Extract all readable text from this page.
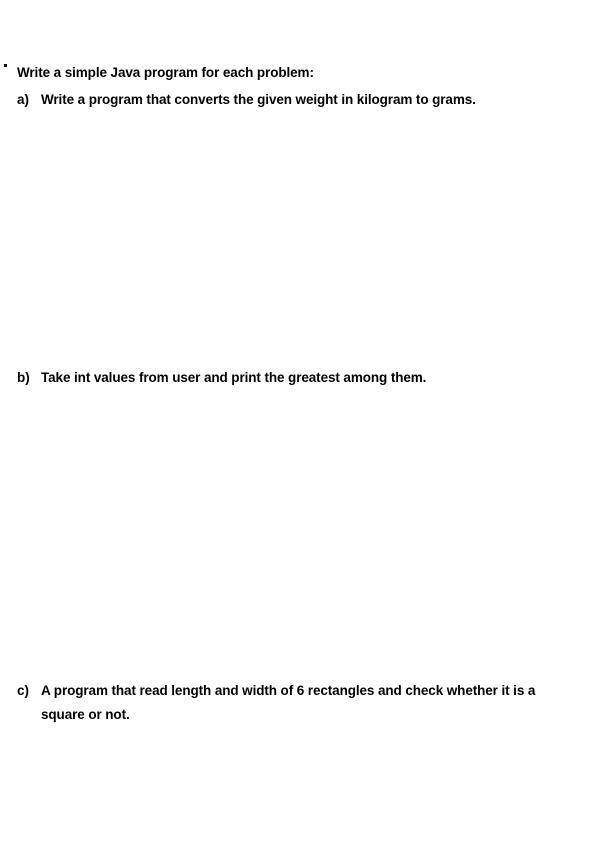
Write a simple Java program for each problem:
a) Write a program that converts the given weight in kilogram to grams.
b) Take int values from user and print the greatest among them.
c) A program that read length and width of 6 rectangles and check whether it is a
square or not.
